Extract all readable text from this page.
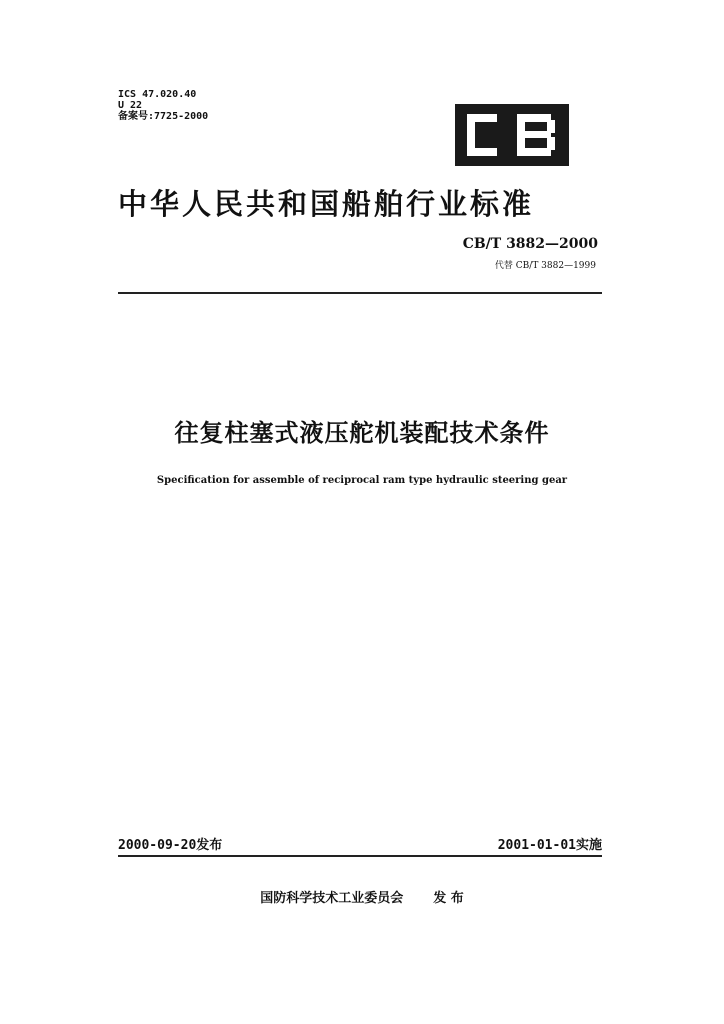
ICS 47.020.40
U 22
备案号:7725-2000
中华人民共和国船舶行业标准
CB/T 3882—2000
代替 CB/T 3882—1999
往复柱塞式液压舵机装配技术条件
Specification for assemble of reciprocal ram type hydraulic steering gear
2000-09-20发布	2001-01-01实施
国防科学技术工业委员会 发 布
